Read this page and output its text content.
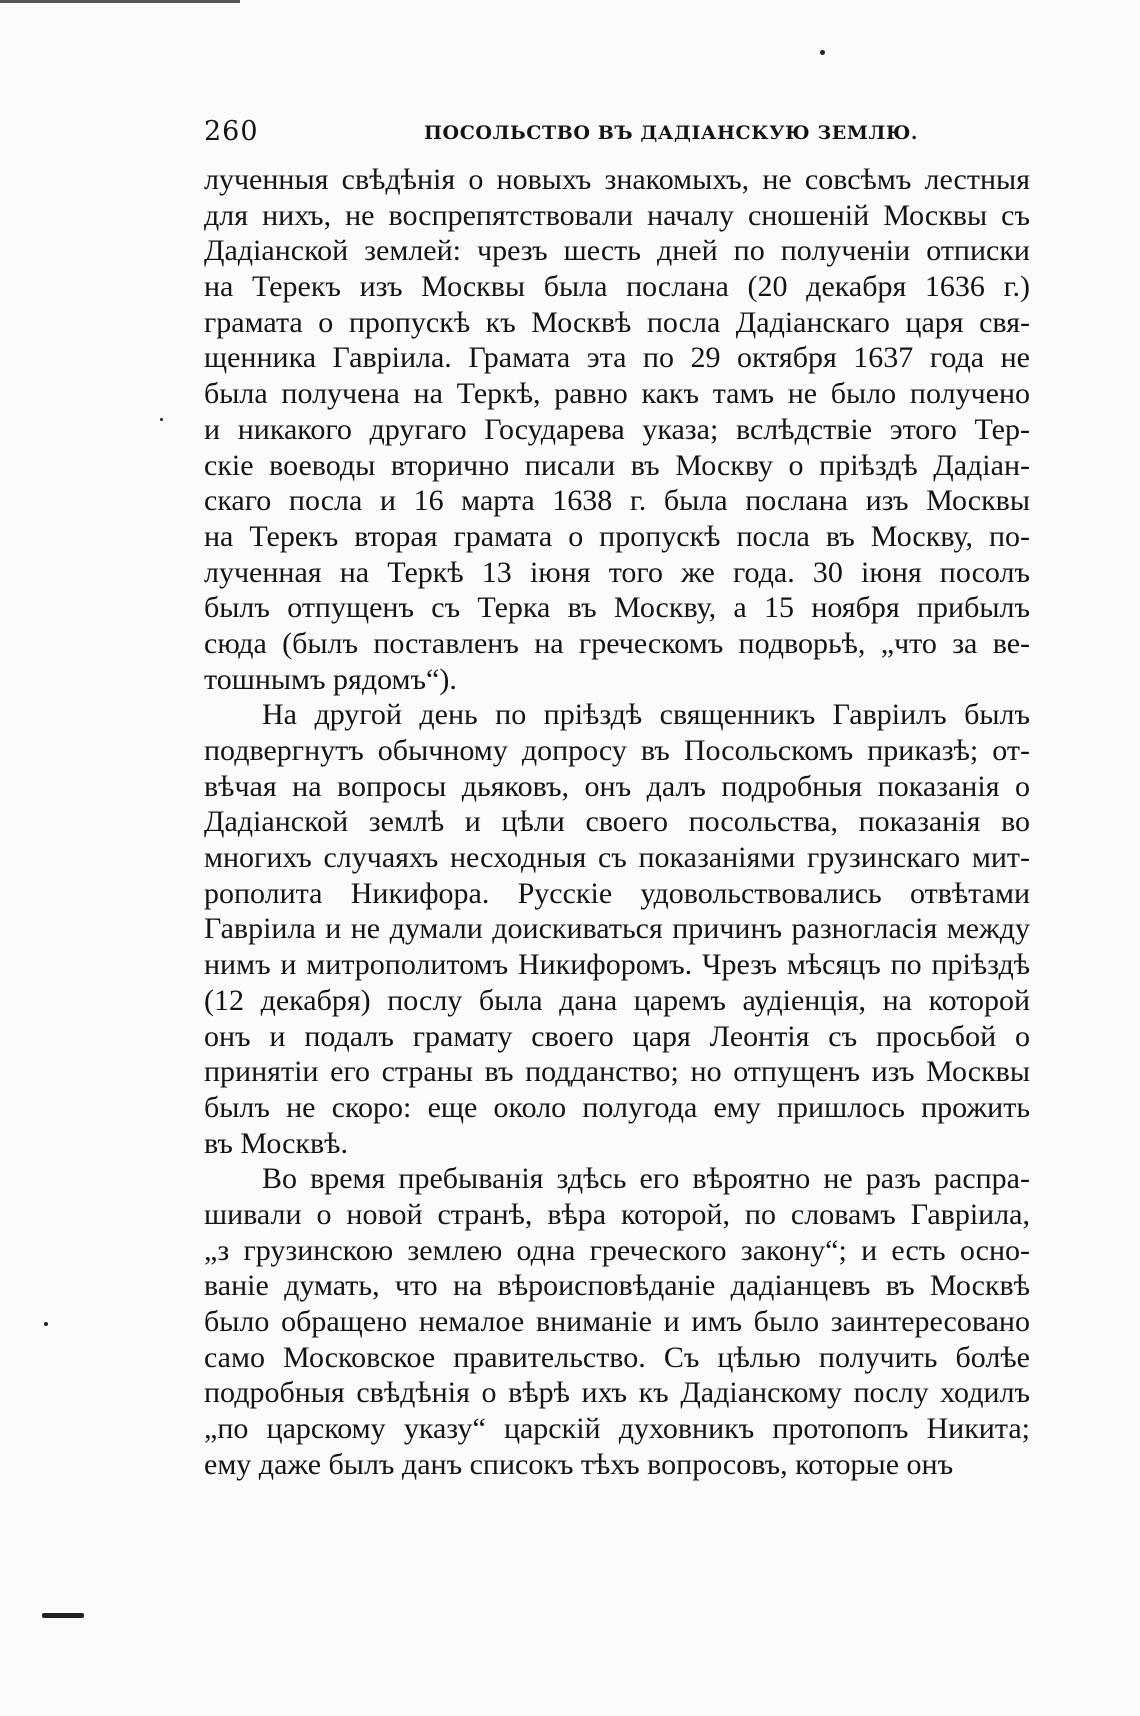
260	ПОСОЛЬСТВО ВЪ ДАДІАНСКУЮ ЗЕМЛЮ.
лученныя свѣдѣнія о новыхъ знакомыхъ, не совсѣмъ лестныя
для нихъ, не воспрепятствовали началу сношеній Москвы съ
Дадіанской землей: чрезъ шесть дней по полученіи отписки
на Терекъ изъ Москвы была послана (20 декабря 1636 г.)
грамата о пропускѣ къ Москвѣ посла Дадіанскаго царя свя-
щенника Гавріила. Грамата эта по 29 октября 1637 года не
была получена на Теркѣ, равно какъ тамъ не было получено
и никакого другаго Государева указа; вслѣдствіе этого Тер-
скіе воеводы вторично писали въ Москву о пріѣздѣ Дадіан-
скаго посла и 16 марта 1638 г. была послана изъ Москвы
на Терекъ вторая грамата о пропускѣ посла въ Москву, по-
лученная на Теркѣ 13 іюня того же года. 30 іюня посолъ
былъ отпущенъ съ Терка въ Москву, а 15 ноября прибылъ
сюда (былъ поставленъ на греческомъ подворьѣ, „что за ве-
тошнымъ рядомъ“).
На другой день по пріѣздѣ священникъ Гавріилъ былъ
подвергнутъ обычному допросу въ Посольскомъ приказѣ; от-
вѣчая на вопросы дьяковъ, онъ далъ подробныя показанія о
Дадіанской землѣ и цѣли своего посольства, показанія во
многихъ случаяхъ несходныя съ показаніями грузинскаго мит-
рополита Никифора. Русскіе удовольствовались отвѣтами
Гавріила и не думали доискиваться причинъ разногласія между
нимъ и митрополитомъ Никифоромъ. Чрезъ мѣсяцъ по пріѣздѣ
(12 декабря) послу была дана царемъ аудіенція, на которой
онъ и подалъ грамату своего царя Леонтія съ просьбой о
принятіи его страны въ подданство; но отпущенъ изъ Москвы
былъ не скоро: еще около полугода ему пришлось прожить
въ Москвѣ.
Во время пребыванія здѣсь его вѣроятно не разъ распра-
шивали о новой странѣ, вѣра которой, по словамъ Гавріила,
„з грузинскою землею одна греческого закону“; и есть осно-
ваніе думать, что на вѣроисповѣданіе дадіанцевъ въ Москвѣ
было обращено немалое вниманіе и имъ было заинтересовано
само Московское правительство. Съ цѣлью получить болѣе
подробныя свѣдѣнія о вѣрѣ ихъ къ Дадіанскому послу ходилъ
„по царскому указу“ царскій духовникъ протопопъ Никита;
ему даже былъ данъ списокъ тѣхъ вопросовъ, которые онъ
